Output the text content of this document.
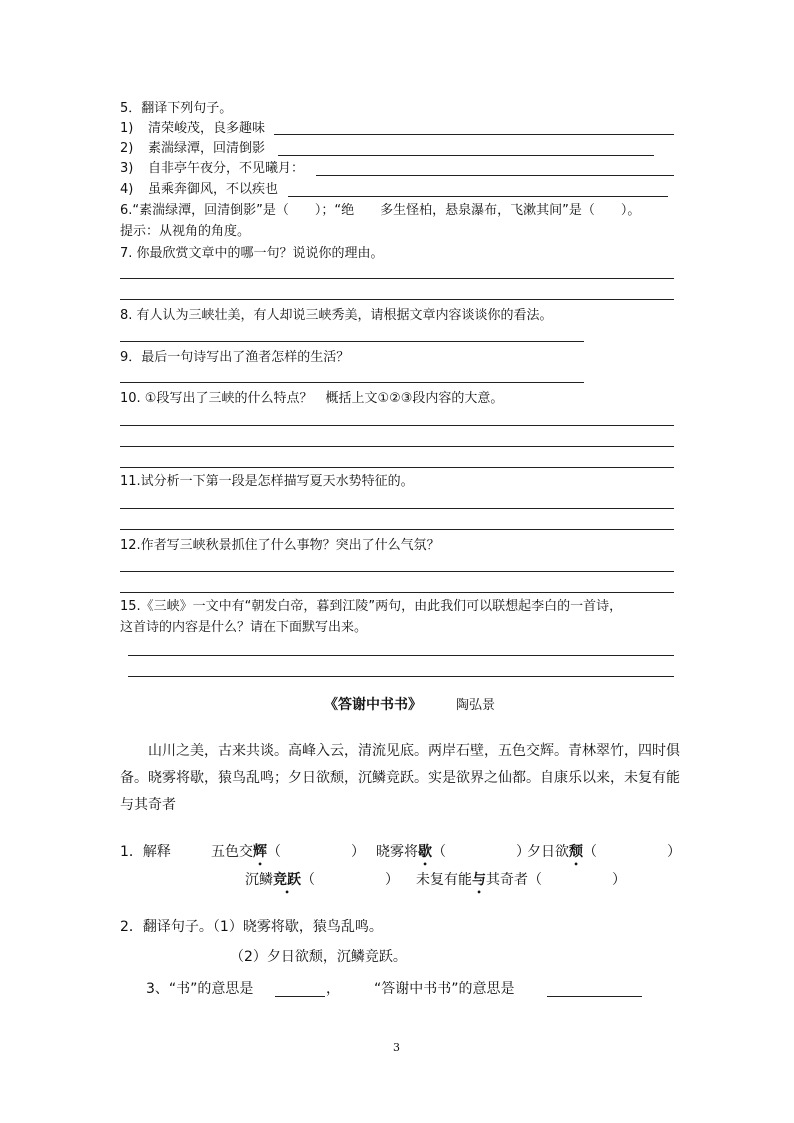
5．翻译下列句子。
1) 清荣峻茂，良多趣味
2) 素湍绿潭，回清倒影
3) 自非亭午夜分，不见曦月：
4) 虽乘奔御风，不以疾也
6.“素湍绿潭，回清倒影”是（　　）；“绝　　多生怪柏，悬泉瀑布，飞漱其间”是（　　）。
提示：从视角的角度。
7. 你最欣赏文章中的哪一句？说说你的理由。
8. 有人认为三峡壮美，有人却说三峡秀美，请根据文章内容谈谈你的看法。
9．最后一句诗写出了渔者怎样的生活？
10. ①段写出了三峡的什么特点？　概括上文①②③段内容的大意。
11.试分析一下第一段是怎样描写夏天水势特征的。
12.作者写三峡秋景抓住了什么事物？突出了什么气氛？
15.《三峡》一文中有“朝发白帝，暮到江陵”两句，由此我们可以联想起李白的一首诗，
这首诗的内容是什么？请在下面默写出来。
《答谢中书书》	陶弘景
山川之美，古来共谈。高峰入云，清流见底。两岸石壁，五色交辉。青林翠竹，四时俱
备。晓雾将歇，猿鸟乱鸣；夕日欲颓，沉鳞竞跃。实是欲界之仙都。自康乐以来，未复有能
与其奇者
1．解释	五色交辉（　　　　　） 晓雾将歇（　　　　　）
夕日欲颓（　　　　　）
沉鳞竞跃（　　　　　） 未复有能与其奇者（　　　　　）
2．翻译句子。（1）晓雾将歇，猿鸟乱鸣。
（2）夕日欲颓，沉鳞竞跃。
3、“书”的意思是	， “答谢中书书”的意思是
3
